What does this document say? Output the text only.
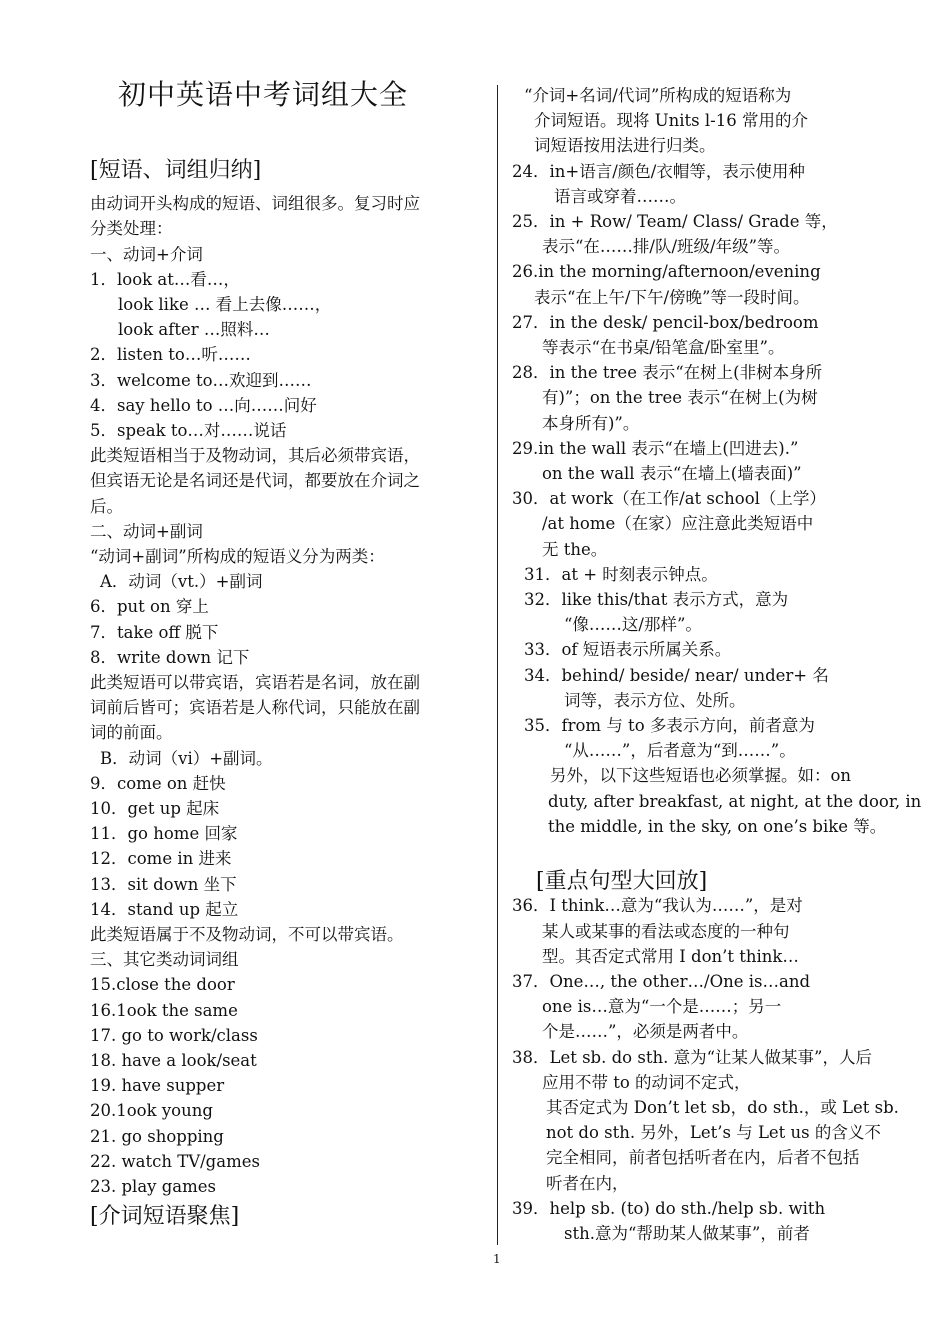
初中英语中考词组大全
[短语、词组归纳]
由动词开头构成的短语、词组很多。复习时应
分类处理：
一、动词+介词
1．look at…看…，
look like … 看上去像……，
look after …照料…
2．listen to…听……
3．welcome to…欢迎到……
4．say hello to …向……问好
5．speak to…对……说话
此类短语相当于及物动词，其后必须带宾语，
但宾语无论是名词还是代词，都要放在介词之
后。
二、动词+副词
“动词+副词”所构成的短语义分为两类：
A．动词（vt.）+副词
6．put on 穿上
7．take off 脱下
8．write down 记下
此类短语可以带宾语，宾语若是名词，放在副
词前后皆可；宾语若是人称代词，只能放在副
词的前面。
B．动词（vi）+副词。
9．come on 赶快
10．get up 起床
11．go home 回家
12．come in 进来
13．sit down 坐下
14．stand up 起立
此类短语属于不及物动词，不可以带宾语。
三、其它类动词词组
15.close the door
16.1ook the same
17. go to work/class
18. have a look/seat
19. have supper
20.1ook young
21. go shopping
22. watch TV/games
23. play games
[介词短语聚焦]
“介词+名词/代词”所构成的短语称为
介词短语。现将 Units l-16 常用的介
词短语按用法进行归类。
24．in+语言/颜色/衣帽等，表示使用种
语言或穿着……。
25．in + Row/ Team/ Class/ Grade 等，
表示“在……排/队/班级/年级”等。
26.in the morning/afternoon/evening
表示“在上午/下午/傍晚”等一段时间。
27．in the desk/ pencil-box/bedroom
等表示“在书桌/铅笔盒/卧室里”。
28．in the tree 表示“在树上(非树本身所
有)”；on the tree 表示“在树上(为树
本身所有)”。
29.in the wall 表示“在墙上(凹进去).”
on the wall 表示“在墙上(墙表面)”
30．at work（在工作/at school（上学）
/at home（在家）应注意此类短语中
无 the。
31．at + 时刻表示钟点。
32．like this/that 表示方式，意为
“像……这/那样”。
33．of 短语表示所属关系。
34．behind/ beside/ near/ under+ 名
词等，表示方位、处所。
35．from 与 to 多表示方向，前者意为
“从……”，后者意为“到……”。
另外，以下这些短语也必须掌握。如：on
duty, after breakfast, at night, at the door, in
the middle, in the sky, on one’s bike 等。
[重点句型大回放]
36．I think…意为“我认为……”，是对
某人或某事的看法或态度的一种句
型。其否定式常用 I don’t think…
37．One…, the other…/One is…and
one is…意为“一个是……；另一
个是……”，必须是两者中。
38．Let sb. do sth. 意为“让某人做某事”，人后
应用不带 to 的动词不定式，
其否定式为 Don’t let sb，do sth.，或 Let sb.
not do sth. 另外，Let’s 与 Let us 的含义不
完全相同，前者包括听者在内，后者不包括
听者在内，
39．help sb. (to) do sth./help sb. with
sth.意为“帮助某人做某事”，前者
1
